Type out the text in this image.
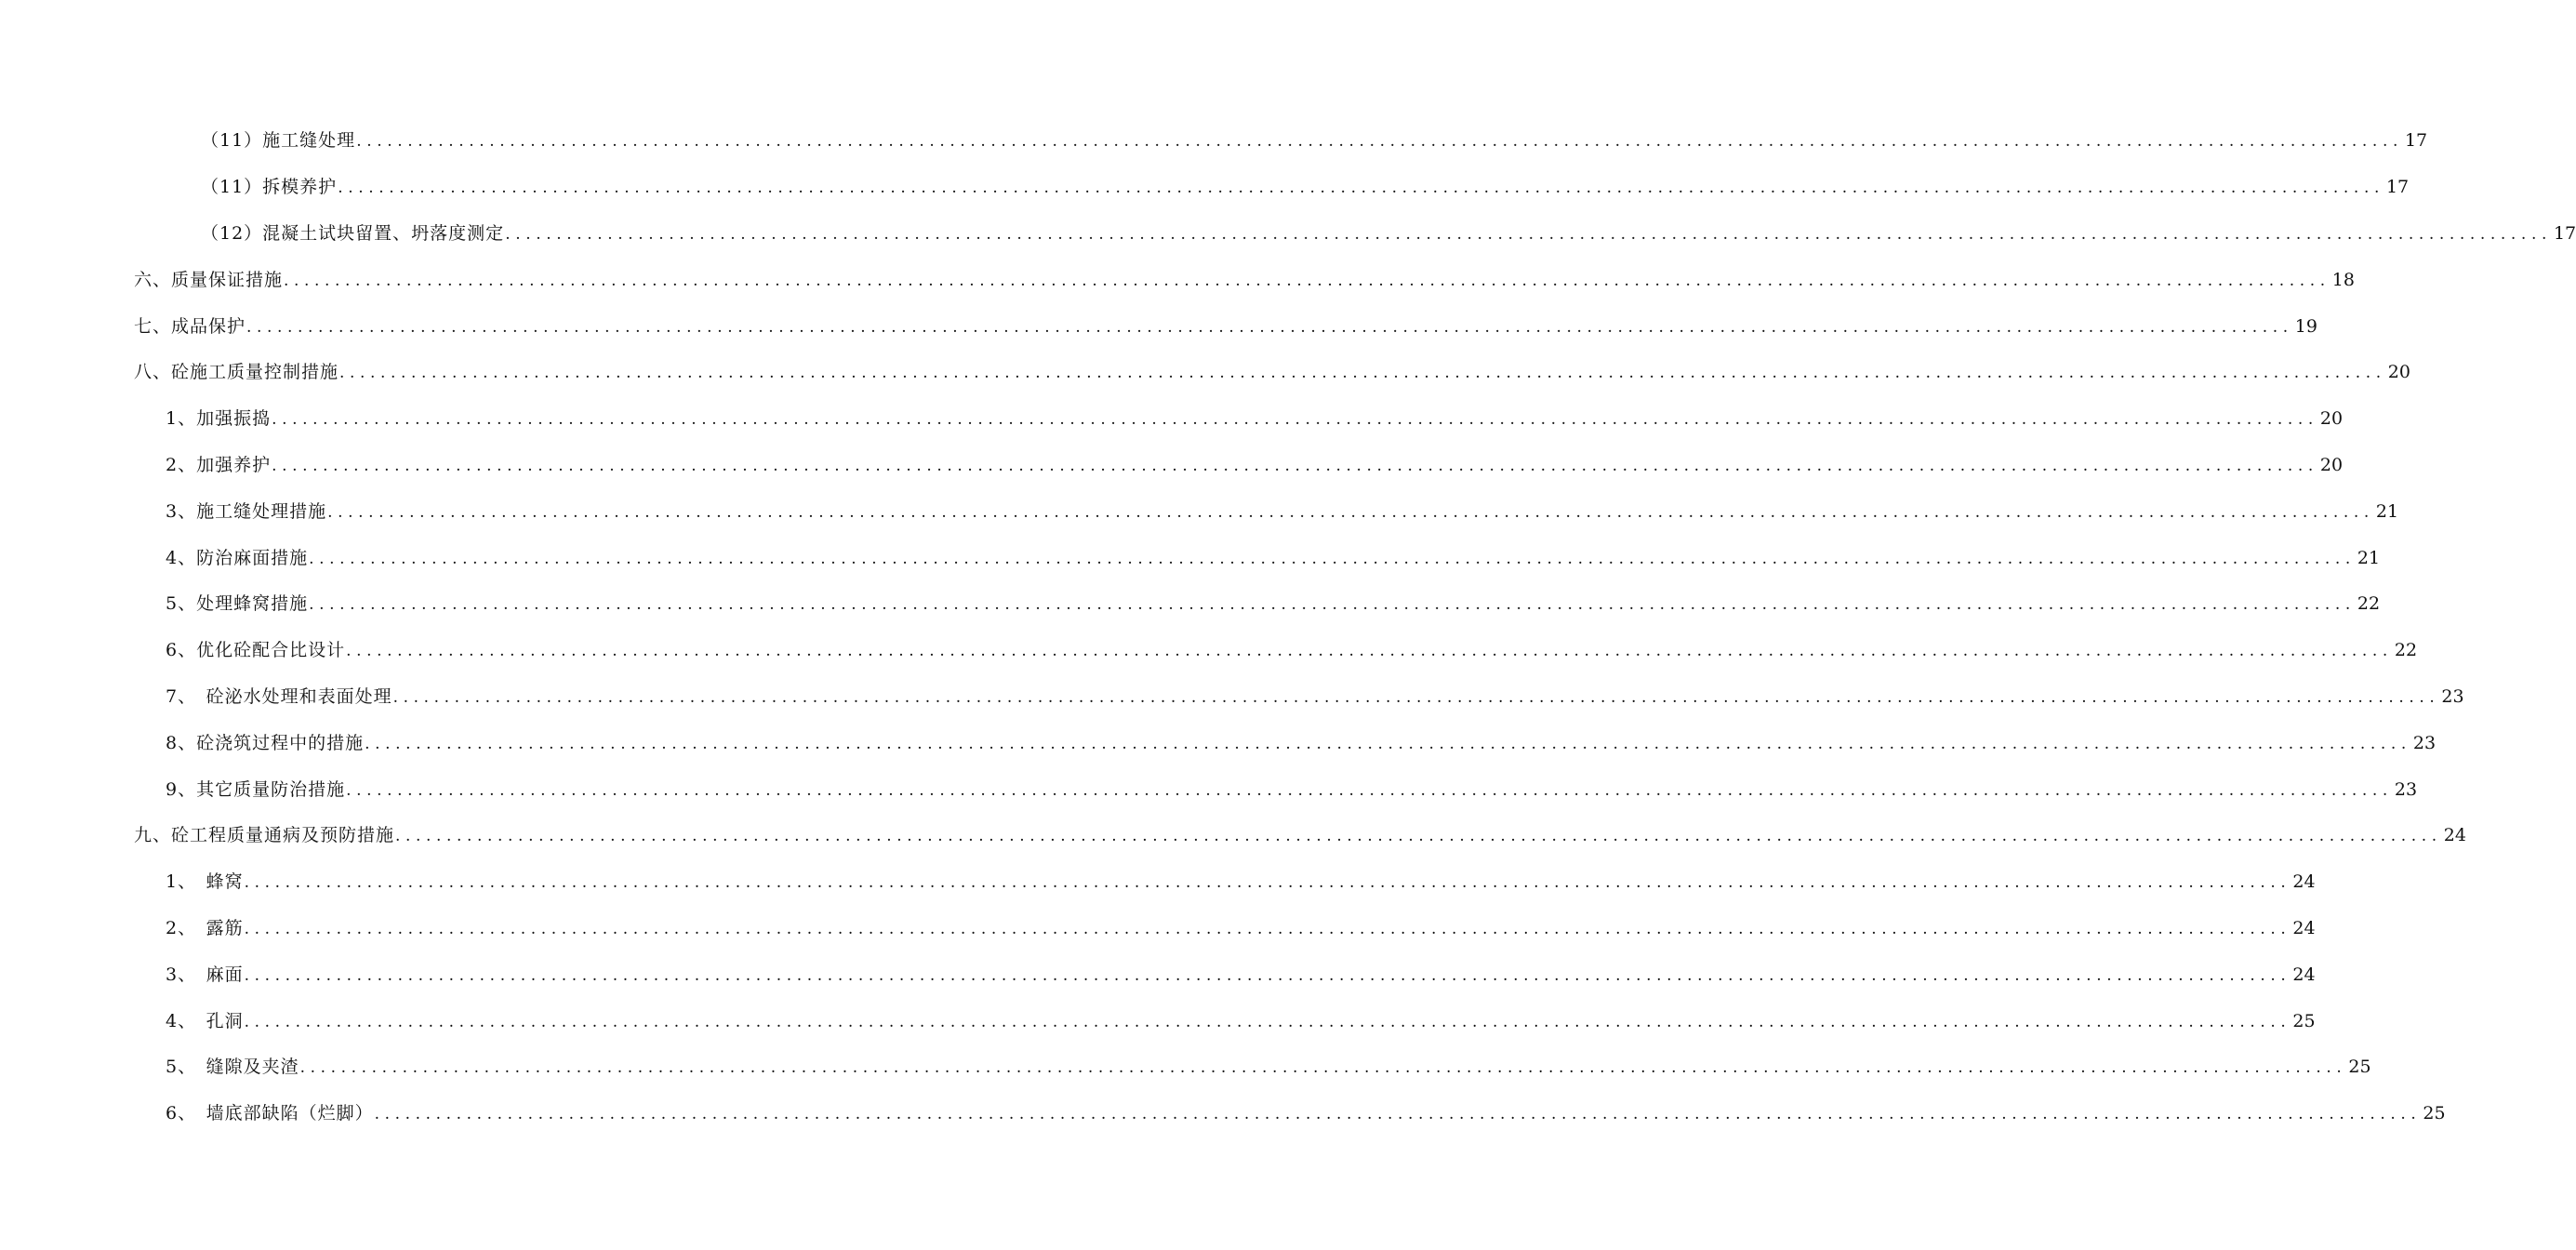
（11）施工缝处理 ........................................................................................................................................................................................................ 17
（11）拆模养护 ........................................................................................................................................................................................................ 17
（12）混凝土试块留置、坍落度测定 ........................................................................................................................................................................................................ 17
六、质量保证措施 ........................................................................................................................................................................................................ 18
七、成品保护 ........................................................................................................................................................................................................ 19
八、砼施工质量控制措施 ........................................................................................................................................................................................................ 20
1、加强振捣 ........................................................................................................................................................................................................ 20
2、加强养护 ........................................................................................................................................................................................................ 20
3、施工缝处理措施 ........................................................................................................................................................................................................ 21
4、防治麻面措施 ........................................................................................................................................................................................................ 21
5、处理蜂窝措施 ........................................................................................................................................................................................................ 22
6、优化砼配合比设计 ........................................................................................................................................................................................................ 22
7、　砼泌水处理和表面处理 ........................................................................................................................................................................................................ 23
8、砼浇筑过程中的措施 ........................................................................................................................................................................................................ 23
9、其它质量防治措施 ........................................................................................................................................................................................................ 23
九、砼工程质量通病及预防措施 ........................................................................................................................................................................................................ 24
1、　蜂窝 ........................................................................................................................................................................................................ 24
2、　露筋 ........................................................................................................................................................................................................ 24
3、　麻面 ........................................................................................................................................................................................................ 24
4、　孔洞 ........................................................................................................................................................................................................ 25
5、　缝隙及夹渣 ........................................................................................................................................................................................................ 25
6、　墙底部缺陷（烂脚） ........................................................................................................................................................................................................ 25
